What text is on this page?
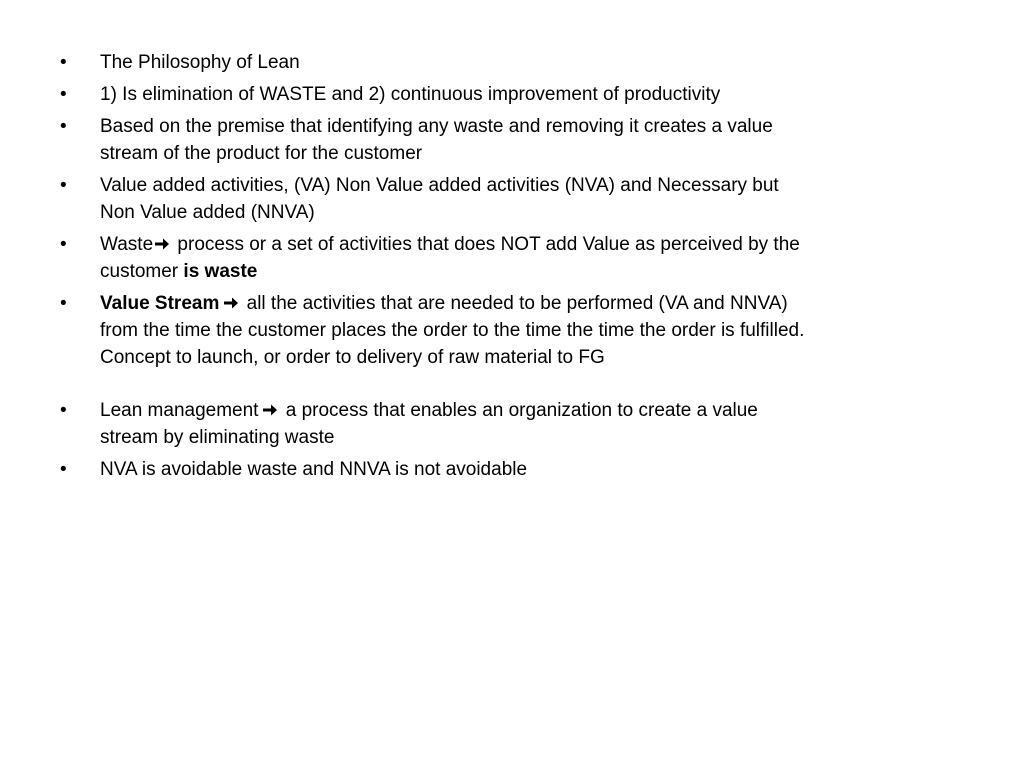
•	The Philosophy of Lean
•	1) Is elimination of WASTE and 2) continuous improvement of productivity
•	Based on the premise that identifying any waste and removing it creates a value
stream of the product for the customer
•	Value added activities, (VA) Non Value added activities (NVA) and Necessary but
Non Value added (NNVA)
•	Waste process or a set of activities that does NOT add Value as perceived by the
customer is waste
•	Value Stream all the activities that are needed to be performed (VA and NNVA)
from the time the customer places the order to the time the time the order is fulfilled.
Concept to launch, or order to delivery of raw material to FG
•	Lean management a process that enables an organization to create a value
stream by eliminating waste
•	NVA is avoidable waste and NNVA is not avoidable
